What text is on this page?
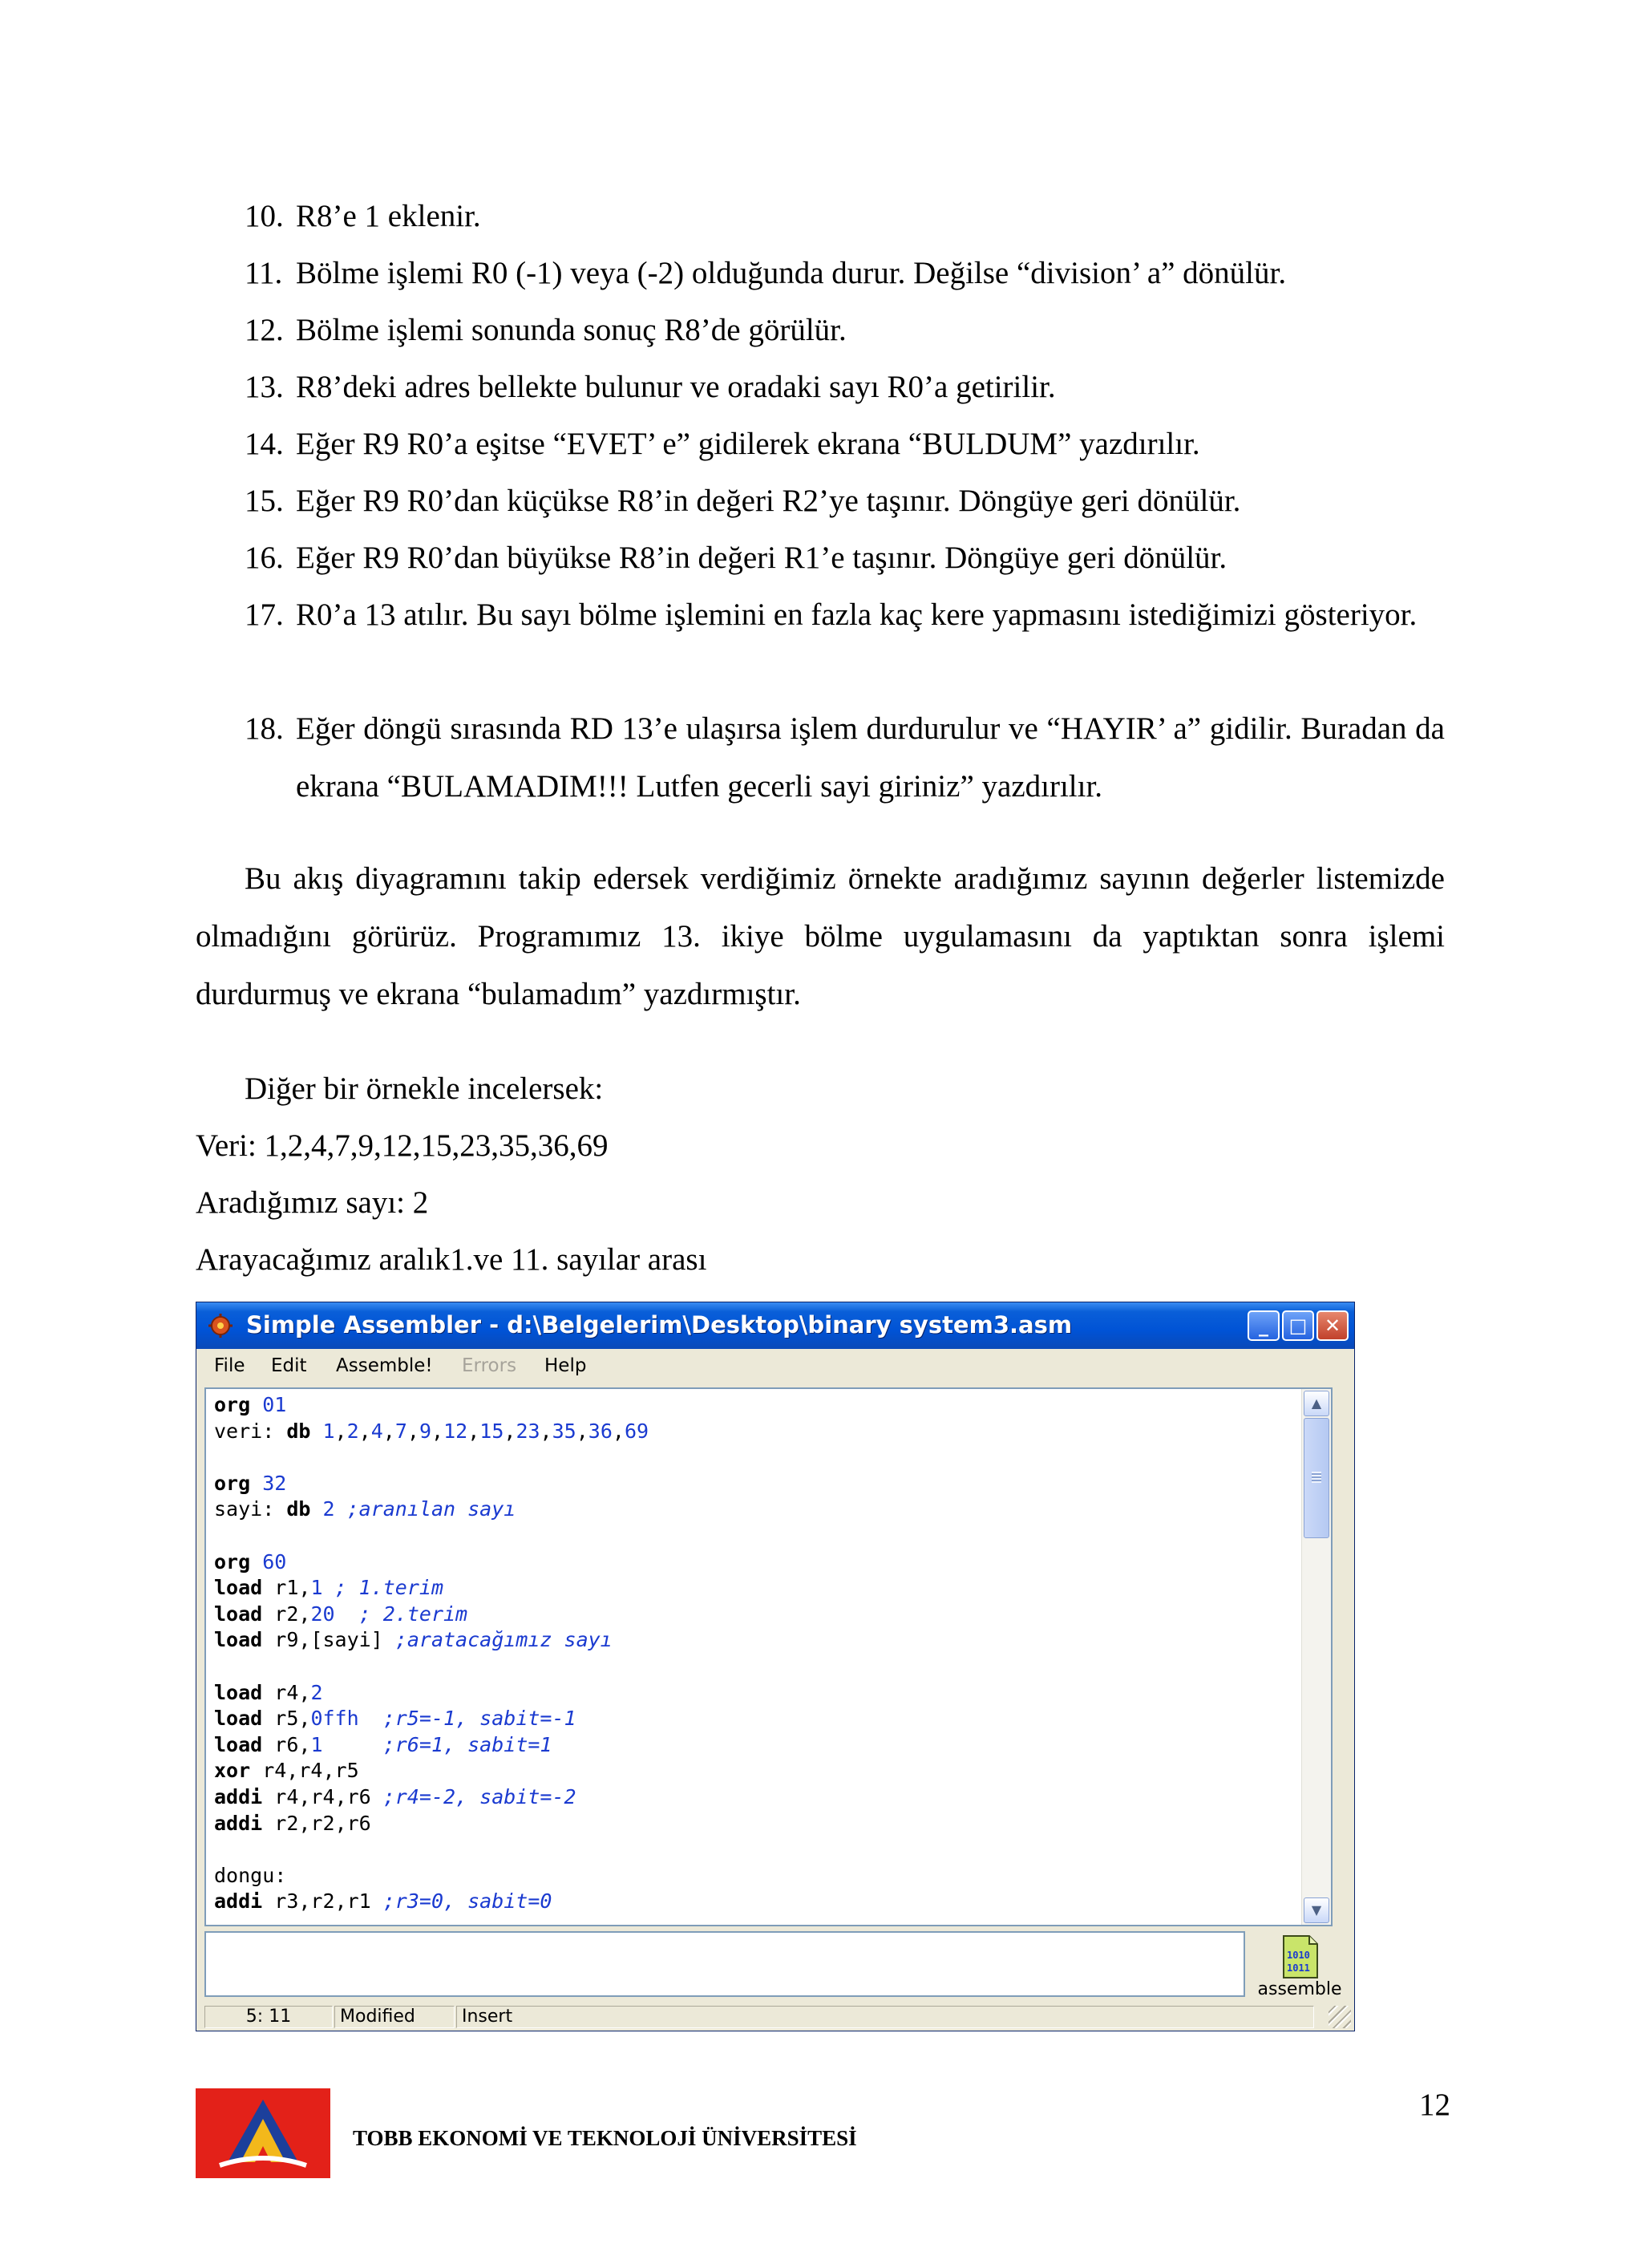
10. R8’e 1 eklenir.
11. Bölme işlemi R0 (-1) veya (-2) olduğunda durur. Değilse “division’ a” dönülür.
12. Bölme işlemi sonunda sonuç R8’de görülür.
13. R8’deki adres bellekte bulunur ve oradaki sayı R0’a getirilir.
14. Eğer R9 R0’a eşitse “EVET’ e” gidilerek ekrana “BULDUM” yazdırılır.
15. Eğer R9 R0’dan küçükse R8’in değeri R2’ye taşınır. Döngüye geri dönülür.
16. Eğer R9 R0’dan büyükse R8’in değeri R1’e taşınır. Döngüye geri dönülür.
17. R0’a 13 atılır. Bu sayı bölme işlemini en fazla kaç kere yapmasını istediğimizi gösteriyor.
18. Eğer döngü sırasında RD 13’e ulaşırsa işlem durdurulur ve “HAYIR’ a” gidilir. Buradan da ekrana “BULAMADIM!!! Lutfen gecerli sayi giriniz” yazdırılır.

Bu akış diyagramını takip edersek verdiğimiz örnekte aradığımız sayının değerler listemizde olmadığını görürüz. Programımız 13. ikiye bölme uygulamasını da yaptıktan sonra işlemi durdurmuş ve ekrana “bulamadım” yazdırmıştır.

Diğer bir örnekle incelersek:
Veri: 1,2,4,7,9,12,15,23,35,36,69
Aradığımız sayı: 2
Arayacağımız aralık1.ve 11. sayılar arası
Simple Assembler - d:\Belgelerim\Desktop\binary system3.asm	_	□ ✕
File Edit Assemble! Errors Help
org 01
veri: db 1,2,4,7,9,12,15,23,35,36,69
org 32
sayi: db 2 ;aranılan sayı
org 60
load r1,1 ; 1.terim
load r2,20  ; 2.terim
load r9,[sayi] ;aratacağımız sayı
load r4,2
load r5,0ffh  ;r5=-1, sabit=-1
load r6,1     ;r6=1, sabit=1
xor r4,r4,r5
addi r4,r4,r6 ;r4=-2, sabit=-2
addi r2,r2,r6
dongu:
addi r3,r2,r1 ;r3=0, sabit=0
▲
▼
1010
1011
assemble
5: 11	Modified	Insert
TOBB EKONOMİ VE TEKNOLOJİ ÜNİVERSİTESİ
12
